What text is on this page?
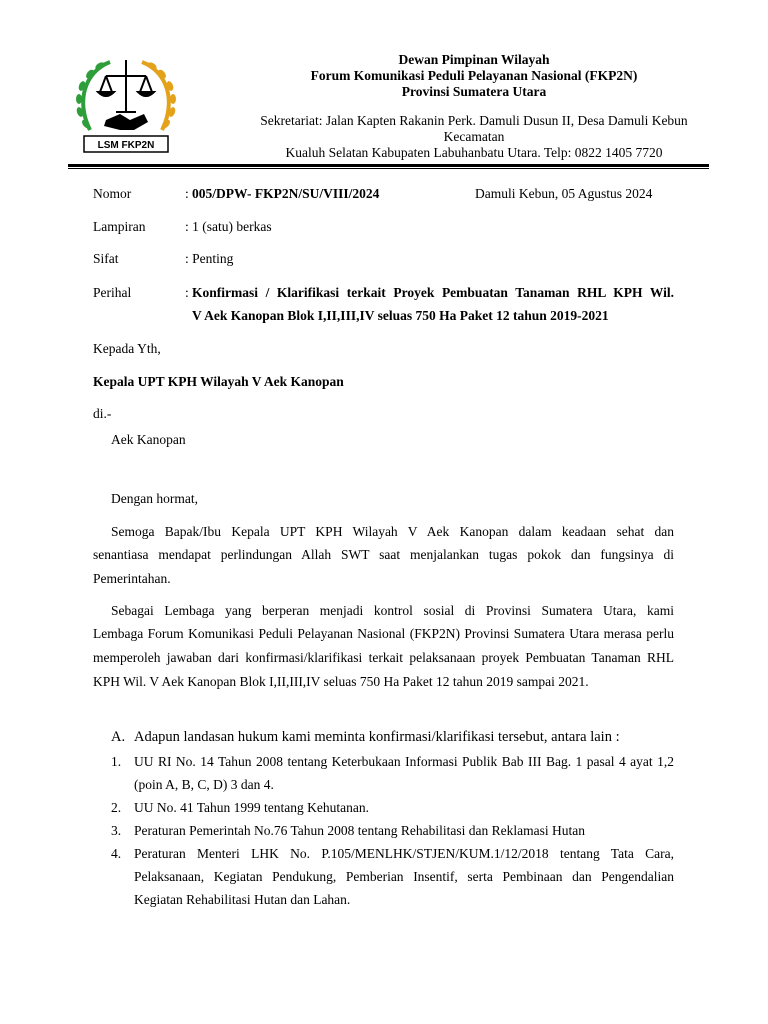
LSM FKP2N
Dewan Pimpinan Wilayah
Forum Komunikasi Peduli Pelayanan Nasional (FKP2N)
Provinsi Sumatera Utara
Sekretariat: Jalan Kapten Rakanin Perk. Damuli Dusun II, Desa Damuli Kebun
Kecamatan
Kualuh Selatan Kabupaten Labuhanbatu Utara. Telp: 0822 1405 7720
Nomor	: 005/DPW- FKP2N/SU/VIII/2024	Damuli Kebun, 05 Agustus 2024
Lampiran	: 1 (satu) berkas
Sifat	: Penting
Perihal	: Konfirmasi / Klarifikasi terkait Proyek Pembuatan Tanaman RHL KPH Wil.
V Aek Kanopan Blok I,II,III,IV seluas 750 Ha Paket 12 tahun 2019-2021
Kepada Yth,
Kepala UPT KPH Wilayah V Aek Kanopan
di.-
Aek Kanopan
Dengan hormat,
Semoga Bapak/Ibu Kepala UPT KPH Wilayah V Aek Kanopan dalam keadaan sehat dan
senantiasa mendapat perlindungan Allah SWT saat menjalankan tugas pokok dan fungsinya di Pemerintahan.
Sebagai Lembaga yang berperan menjadi kontrol sosial di Provinsi Sumatera Utara, kami
Lembaga Forum Komunikasi Peduli Pelayanan Nasional (FKP2N) Provinsi Sumatera Utara merasa perlu memperoleh jawaban dari konfirmasi/klarifikasi terkait pelaksanaan proyek Pembuatan Tanaman RHL KPH Wil. V Aek Kanopan Blok I,II,III,IV seluas 750 Ha Paket 12 tahun 2019 sampai 2021.
A. Adapun landasan hukum kami meminta konfirmasi/klarifikasi tersebut, antara lain :
1. UU RI No. 14 Tahun 2008 tentang Keterbukaan Informasi Publik Bab III Bag. 1 pasal 4 ayat 1,2 (poin A, B, C, D) 3 dan 4.
2. UU No. 41 Tahun 1999 tentang Kehutanan.
3. Peraturan Pemerintah No.76 Tahun 2008 tentang Rehabilitasi dan Reklamasi Hutan
4. Peraturan Menteri LHK No. P.105/MENLHK/STJEN/KUM.1/12/2018 tentang Tata Cara, Pelaksanaan, Kegiatan Pendukung, Pemberian Insentif, serta Pembinaan dan Pengendalian Kegiatan Rehabilitasi Hutan dan Lahan.
